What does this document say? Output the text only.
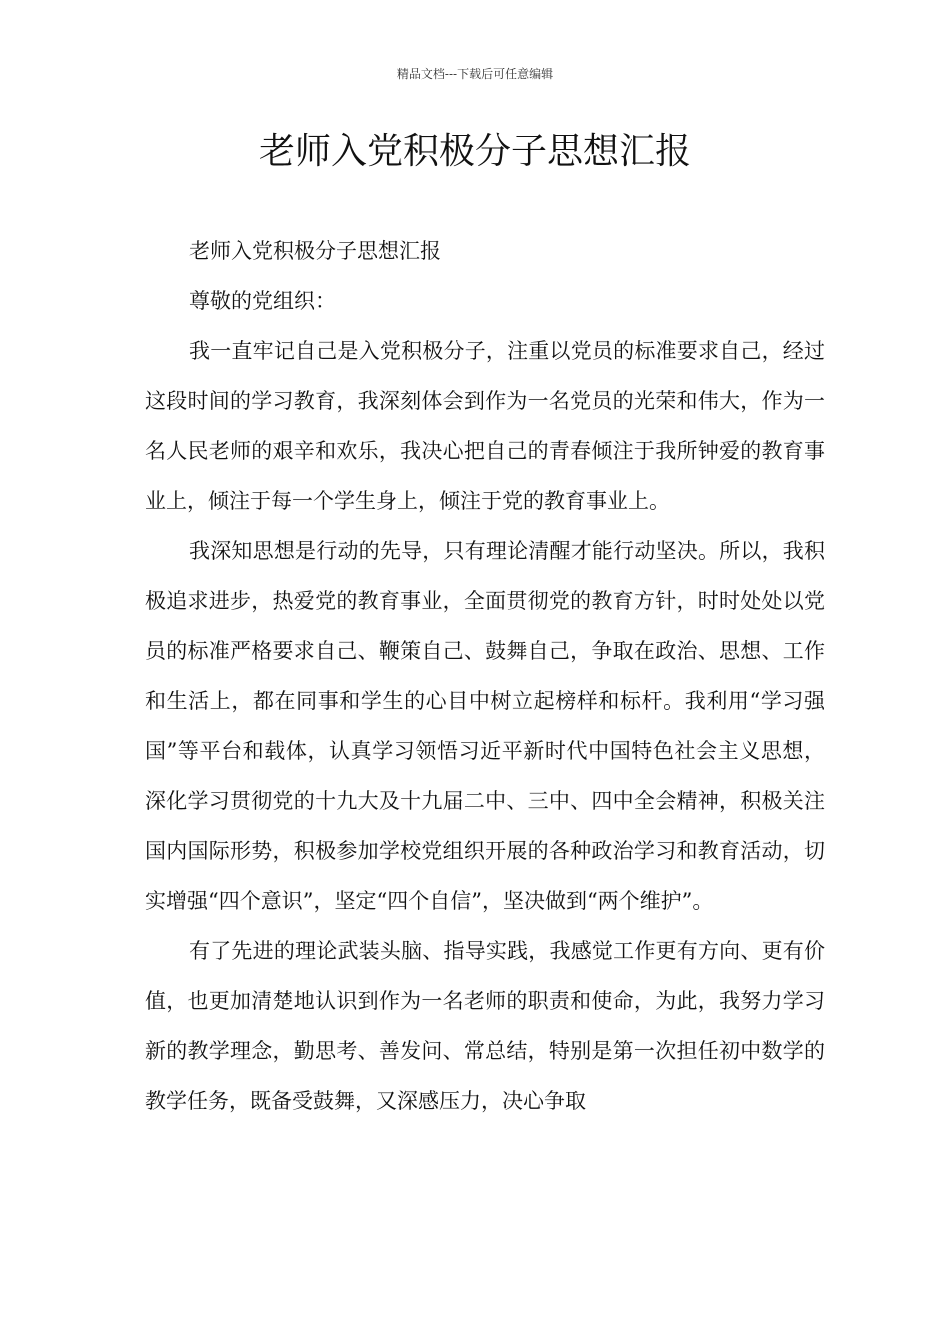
精品文档---下载后可任意编辑
老师入党积极分子思想汇报

老师入党积极分子思想汇报

尊敬的党组织：

我一直牢记自己是入党积极分子，注重以党员的标准要求自己，经过这段时间的学习教育，我深刻体会到作为一名党员的光荣和伟大，作为一名人民老师的艰辛和欢乐，我决心把自己的青春倾注于我所钟爱的教育事业上，倾注于每一个学生身上，倾注于党的教育事业上。

我深知思想是行动的先导，只有理论清醒才能行动坚决。所以，我积极追求进步，热爱党的教育事业，全面贯彻党的教育方针，时时处处以党员的标准严格要求自己、鞭策自己、鼓舞自己，争取在政治、思想、工作和生活上，都在同事和学生的心目中树立起榜样和标杆。我利用“学习强国”等平台和载体，认真学习领悟习近平新时代中国特色社会主义思想，深化学习贯彻党的十九大及十九届二中、三中、四中全会精神，积极关注国内国际形势，积极参加学校党组织开展的各种政治学习和教育活动，切实增强“四个意识”，坚定“四个自信”，坚决做到“两个维护”。

有了先进的理论武装头脑、指导实践，我感觉工作更有方向、更有价值，也更加清楚地认识到作为一名老师的职责和使命，为此，我努力学习新的教学理念，勤思考、善发问、常总结，特别是第一次担任初中数学的教学任务，既备受鼓舞，又深感压力，决心争取
